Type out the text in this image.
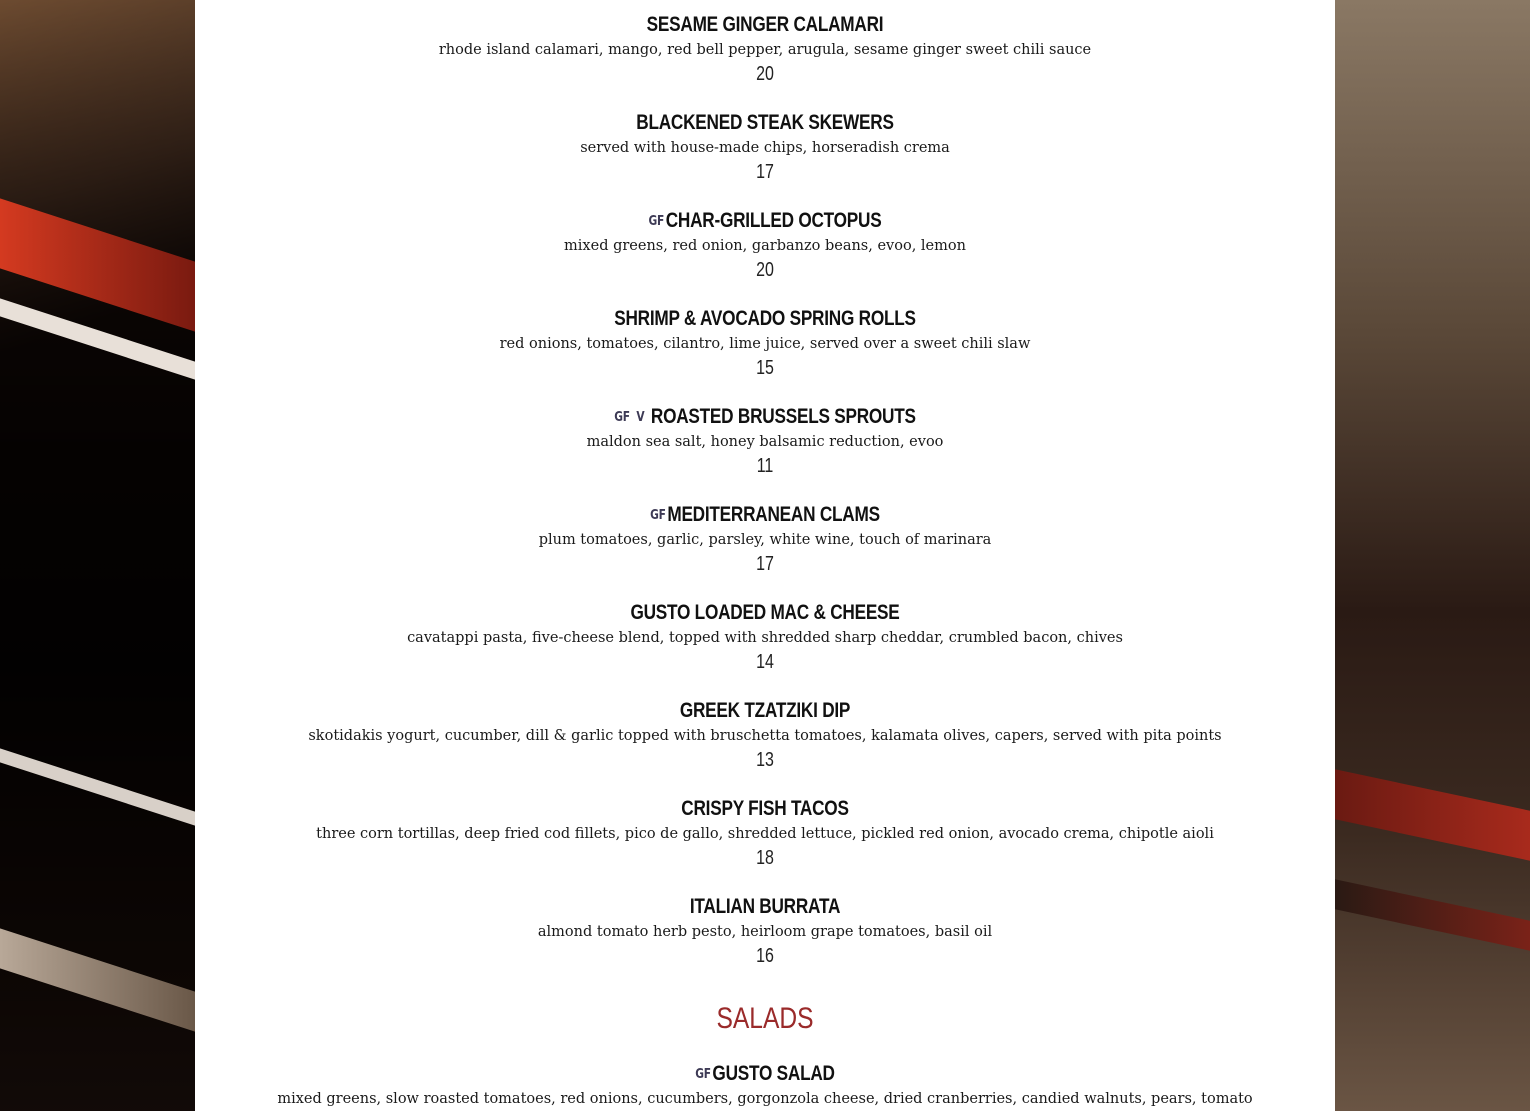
SESAME GINGER CALAMARI
rhode island calamari, mango, red bell pepper, arugula, sesame ginger sweet chili sauce
20
BLACKENED STEAK SKEWERS
served with house-made chips, horseradish crema
17
GFCHAR-GRILLED OCTOPUS
mixed greens, red onion, garbanzo beans, evoo, lemon
20
SHRIMP & AVOCADO SPRING ROLLS
red onions, tomatoes, cilantro, lime juice, served over a sweet chili slaw
15
GF V ROASTED BRUSSELS SPROUTS
maldon sea salt, honey balsamic reduction, evoo
11
GFMEDITERRANEAN CLAMS
plum tomatoes, garlic, parsley, white wine, touch of marinara
17
GUSTO LOADED MAC & CHEESE
cavatappi pasta, five-cheese blend, topped with shredded sharp cheddar, crumbled bacon, chives
14
GREEK TZATZIKI DIP
skotidakis yogurt, cucumber, dill & garlic topped with bruschetta tomatoes, kalamata olives, capers, served with pita points
13
CRISPY FISH TACOS
three corn tortillas, deep fried cod fillets, pico de gallo, shredded lettuce, pickled red onion, avocado crema, chipotle aioli
18
ITALIAN BURRATA
almond tomato herb pesto, heirloom grape tomatoes, basil oil
16
SALADS
GFGUSTO SALAD
mixed greens, slow roasted tomatoes, red onions, cucumbers, gorgonzola cheese, dried cranberries, candied walnuts, pears, tomato
